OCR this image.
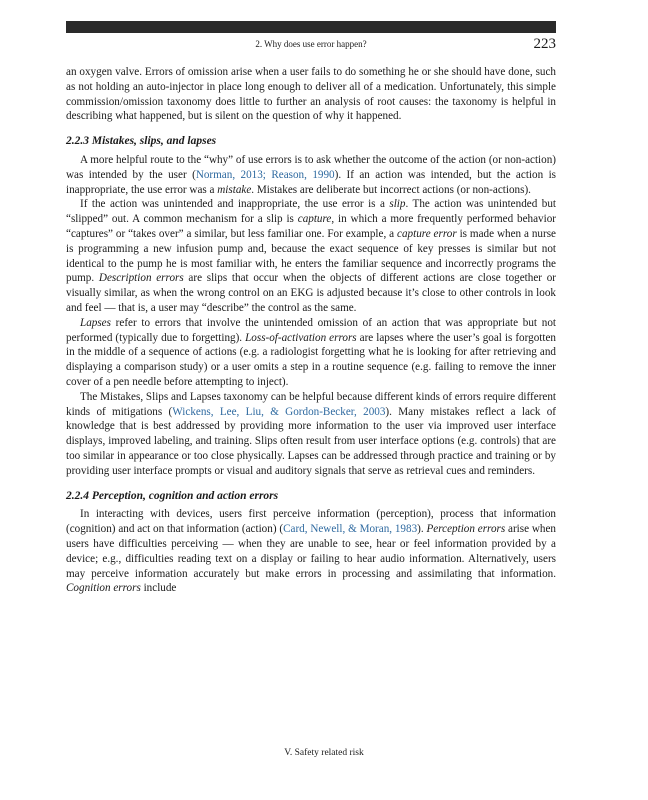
2. Why does use error happen?	223

an oxygen valve. Errors of omission arise when a user fails to do something he or she should have done, such as not holding an auto-injector in place long enough to deliver all of a medication. Unfortunately, this simple commission/omission taxonomy does little to further an analysis of root causes: the taxonomy is helpful in describing what happened, but is silent on the question of why it happened.

2.2.3 Mistakes, slips, and lapses

A more helpful route to the “why” of use errors is to ask whether the outcome of the action (or non-action) was intended by the user (Norman, 2013; Reason, 1990). If an action was intended, but the action is inappropriate, the use error was a mistake. Mistakes are deliberate but incorrect actions (or non-actions).

If the action was unintended and inappropriate, the use error is a slip. The action was unintended but “slipped” out. A common mechanism for a slip is capture, in which a more frequently performed behavior “captures” or “takes over” a similar, but less familiar one. For example, a capture error is made when a nurse is programming a new infusion pump and, because the exact sequence of key presses is similar but not identical to the pump he is most familiar with, he enters the familiar sequence and incorrectly programs the pump. Description errors are slips that occur when the objects of different actions are close together or visually similar, as when the wrong control on an EKG is adjusted because it’s close to other controls in look and feel — that is, a user may “describe” the control as the same.

Lapses refer to errors that involve the unintended omission of an action that was appropriate but not performed (typically due to forgetting). Loss-of-activation errors are lapses where the user’s goal is forgotten in the middle of a sequence of actions (e.g. a radiologist forgetting what he is looking for after retrieving and displaying a comparison study) or a user omits a step in a routine sequence (e.g. failing to remove the inner cover of a pen needle before attempting to inject).

The Mistakes, Slips and Lapses taxonomy can be helpful because different kinds of errors require different kinds of mitigations (Wickens, Lee, Liu, & Gordon-Becker, 2003). Many mistakes reflect a lack of knowledge that is best addressed by providing more information to the user via improved user interface displays, improved labeling, and training. Slips often result from user interface options (e.g. controls) that are too similar in appearance or too close physically. Lapses can be addressed through practice and training or by providing user interface prompts or visual and auditory signals that serve as retrieval cues and reminders.

2.2.4 Perception, cognition and action errors

In interacting with devices, users first perceive information (perception), process that information (cognition) and act on that information (action) (Card, Newell, & Moran, 1983). Perception errors arise when users have difficulties perceiving — when they are unable to see, hear or feel information provided by a device; e.g., difficulties reading text on a display or failing to hear audio information. Alternatively, users may perceive information accurately but make errors in processing and assimilating that information. Cognition errors include

V. Safety related risk
